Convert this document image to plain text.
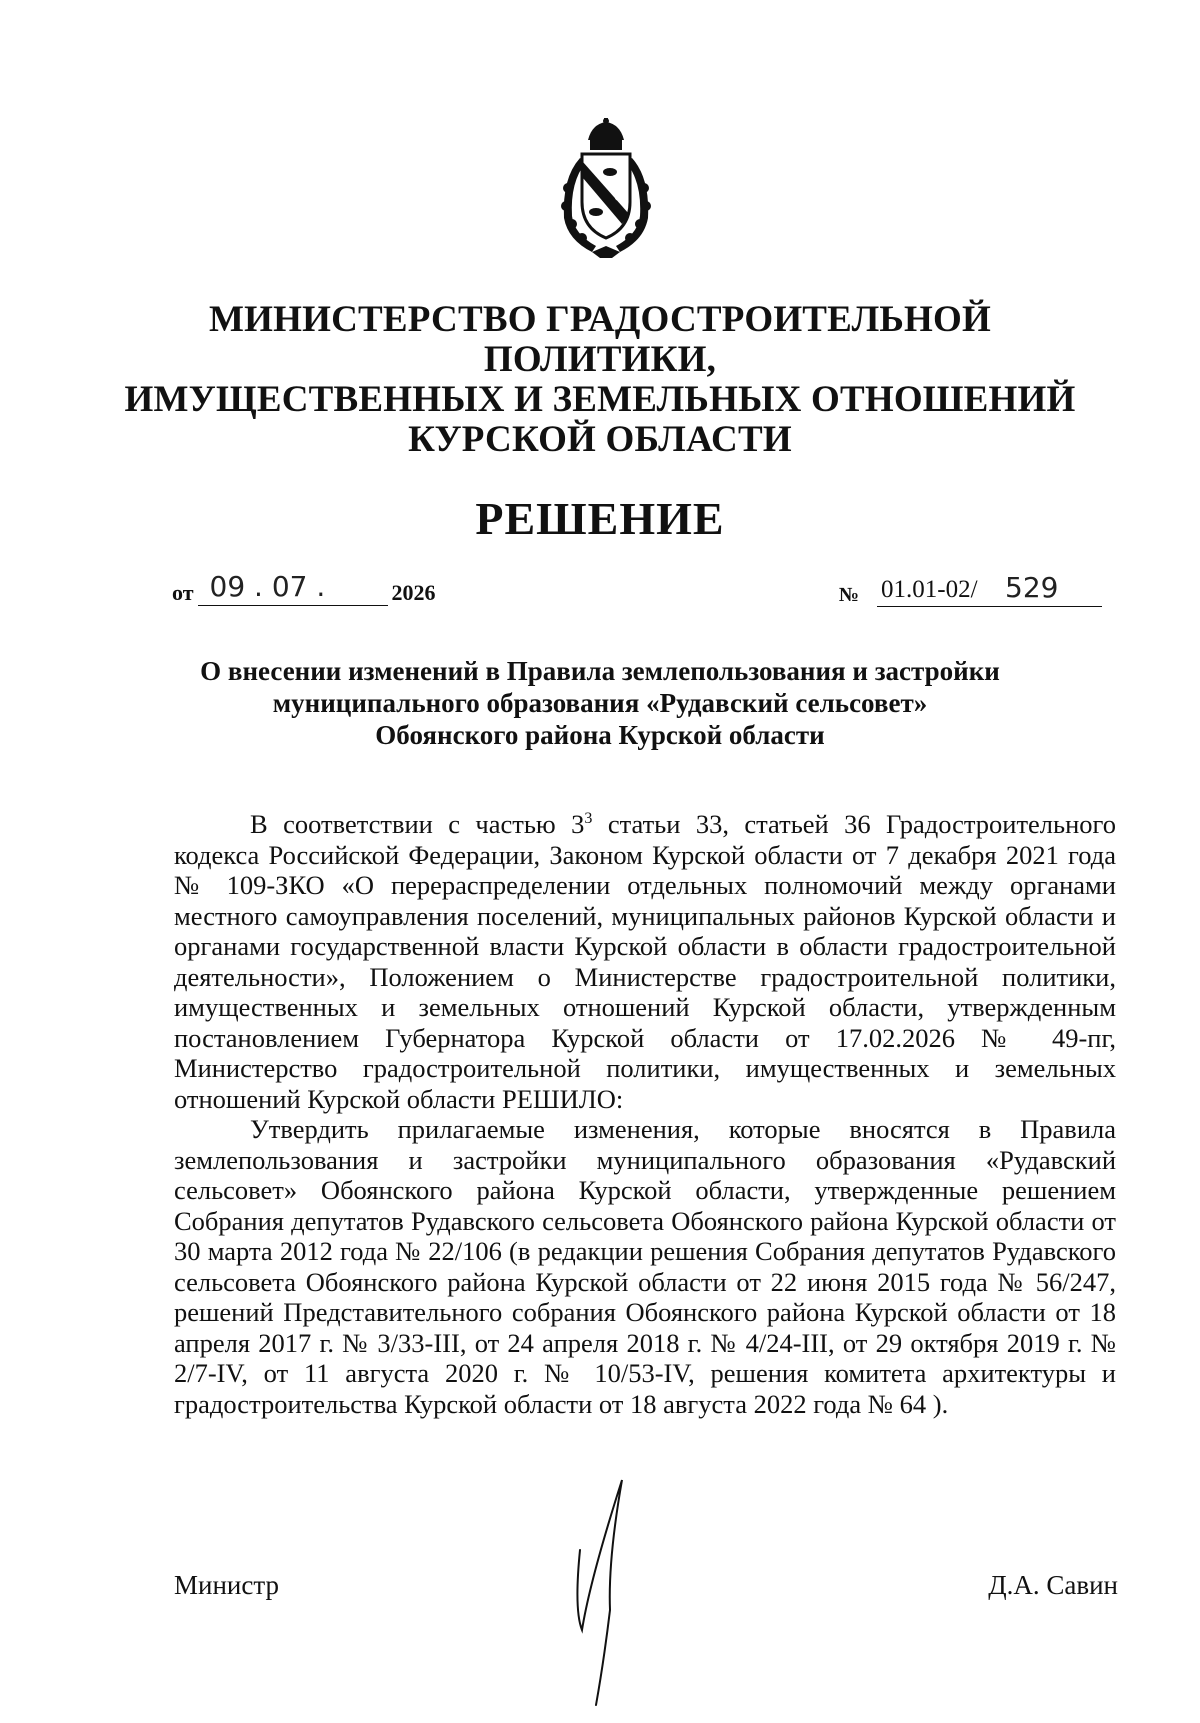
МИНИСТЕРСТВО ГРАДОСТРОИТЕЛЬНОЙ ПОЛИТИКИ,
ИМУЩЕСТВЕННЫХ И ЗЕМЕЛЬНЫХ ОТНОШЕНИЙ
КУРСКОЙ ОБЛАСТИ
РЕШЕНИЕ
от 09 . 07 .	2026	№ 01.01-02/ 529
О внесении изменений в Правила землепользования и застройки
муниципального образования «Рудавский сельсовет»
Обоянского района Курской области

В соответствии с частью $3^3$ статьи 33, статьей 36 Градостроительного кодекса Российской Федерации, Законом Курской области от 7 декабря 2021 года № 109-ЗКО «О перераспределении отдельных полномочий между органами местного самоуправления поселений, муниципальных районов Курской области и органами государственной власти Курской области в области градостроительной деятельности», Положением о Министерстве градостроительной политики, имущественных и земельных отношений Курской области, утвержденным постановлением Губернатора Курской области от 17.02.2026 № 49-пг, Министерство градостроительной политики, имущественных и земельных отношений Курской области РЕШИЛО:

Утвердить прилагаемые изменения, которые вносятся в Правила землепользования и застройки муниципального образования «Рудавский сельсовет» Обоянского района Курской области, утвержденные решением Собрания депутатов Рудавского сельсовета Обоянского района Курской области от 30 марта 2012 года № 22/106 (в редакции решения Собрания депутатов Рудавского сельсовета Обоянского района Курской области от 22 июня 2015 года № 56/247, решений Представительного собрания Обоянского района Курской области от 18 апреля 2017 г. № 3/33-III, от 24 апреля 2018 г. № 4/24-III, от 29 октября 2019 г. № 2/7-IV, от 11 августа 2020 г. № 10/53-IV, решения комитета архитектуры и градостроительства Курской области от 18 августа 2022 года № 64 ).

Министр	Д.А. Савин
